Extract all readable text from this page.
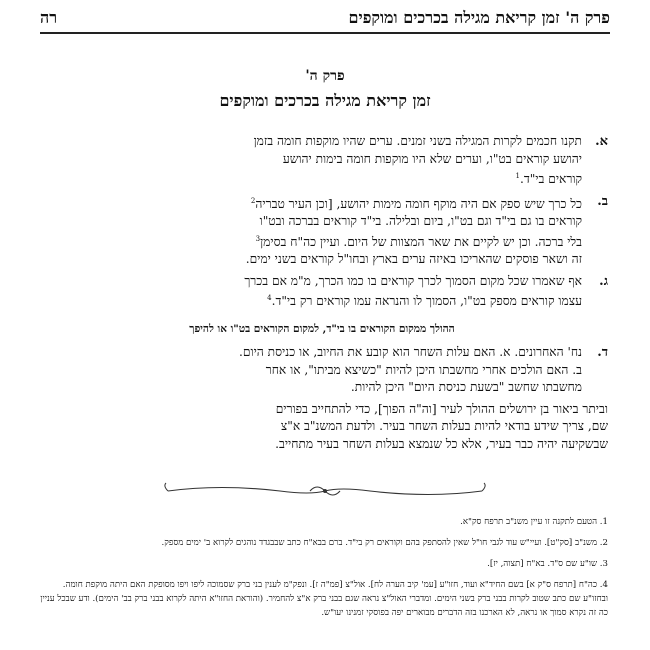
פרק ה' זמן קריאת מגילה בכרכים ומוקפים
רה
פרק ה'
זמן קריאת מגילה בכרכים ומוקפים
א.
תקנו חכמים לקרות המגילה בשני זמנים. ערים שהיו מוקפות חומה בזמן
יהושע קוראים בט"ו, וערים שלא היו מוקפות חומה בימות יהושע
קוראים בי"ד.$^1$
ב.
כל כרך שיש ספק אם היה מוקף חומה מימות יהושע, [וכן העיר טבריה$^2$
קוראים בו גם בי"ד וגם בט"ו, ביום ובלילה. בי"ד קוראים בברכה ובט"ו
בלי ברכה. וכן יש לקיים את שאר המצוות של היום. ועיין כה"ח בסימן$^3$
זה ושאר פוסקים שהאריכו באיזה ערים בארץ ובחו"ל קוראים בשני ימים.
ג.
אף שאמרו שכל מקום הסמוך לכרך קוראים בו כמו הכרך, מ"מ אם בכרך
עצמו קוראים מספק בט"ו, הסמוך לו והנראה עמו קוראים רק בי"ד.$^4$
ההולך ממקום הקוראים בו בי"ד, למקום הקוראים בט"ו או להיפך
ד.
נח' האחרונים. א. האם עלות השחר הוא קובע את החיוב, או כניסת היום.
ב. האם הולכים אחרי מחשבתו היכן להיות "כשיצא מביתו", או אחר
מחשבתו שחשב "בשעת כניסת היום" היכן להיות.
וביתר ביאור בן ירושלים ההולך לעיר [וה"ה הפוך], כדי להתחייב בפורים
שם, צריך שידע בודאי להיות בעלות השחר בעיר. ולדעת המשנ"ב א"צ
שבשקיעה יהיה כבר בעיר, אלא כל שנמצא בעלות השחר בעיר מתחייב.
1. הטעם לתקנה זו עיין משנ"ב תרפח סק"א.
2. משנ"ב [סק"ט]. ועיי"ש עוד לגבי חו"ל שאין להסתפק בהם וקוראים רק בי"ד. ברם בבא"ח כתב שבבגדד נוהגים לקרוא ב' ימים מספק.
3. שו"ע שם ס"ד. בא"ח [תצוה, יז].
4. כה"ח [תרפח ס"ק א] בשם החיד"א ועוד, חזו"ע [עמ' קיב הערה לח]. אול"צ [פמ"ה ז]. ונפק"מ לענין בני ברק שסמוכה ליפו ויפו מסופקת האם היתה מוקפת חומה. ובחזו"ע שם כתב שטוב לקרות בבני ברק בשני הימים. ומדברי האול"צ נראה שגם בבני ברק א"צ להחמיר. (והוראת החזו"א היתה לקרוא בבני ברק בב' הימים). ודע שבכל עניין כה זה נקרא סמוך או נראה, לא הארכנו בזה הדברים מבוארים יפה בפוסקי זמנינו יעו"ש.
